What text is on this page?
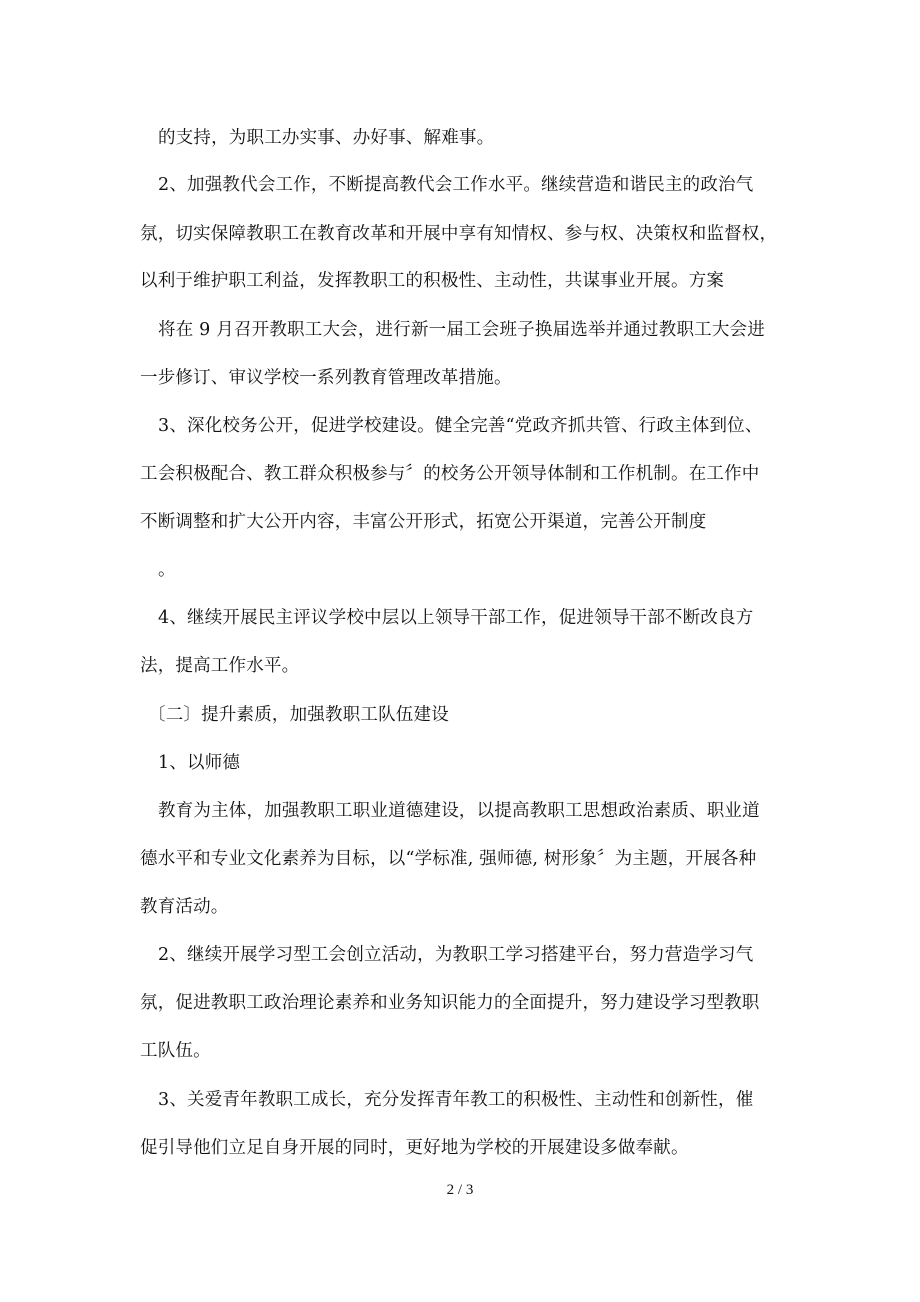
的支持，为职工办实事、办好事、解难事。
2、加强教代会工作，不断提高教代会工作水平。继续营造和谐民主的政治气
氛，切实保障教职工在教育改革和开展中享有知情权、参与权、决策权和监督权，
以利于维护职工利益，发挥教职工的积极性、主动性，共谋事业开展。方案
将在 9 月召开教职工大会，进行新一届工会班子换届选举并通过教职工大会进
一步修订、审议学校一系列教育管理改革措施。
3、深化校务公开，促进学校建设。健全完善“党政齐抓共管、行政主体到位、
工会积极配合、教工群众积极参与〞的校务公开领导体制和工作机制。在工作中
不断调整和扩大公开内容，丰富公开形式，拓宽公开渠道，完善公开制度
。
4、继续开展民主评议学校中层以上领导干部工作，促进领导干部不断改良方
法，提高工作水平。
〔二〕提升素质，加强教职工队伍建设
1、以师德
教育为主体，加强教职工职业道德建设，以提高教职工思想政治素质、职业道
德水平和专业文化素养为目标，以“学标准, 强师德, 树形象〞为主题，开展各种
教育活动。
2、继续开展学习型工会创立活动，为教职工学习搭建平台，努力营造学习气
氛，促进教职工政治理论素养和业务知识能力的全面提升，努力建设学习型教职
工队伍。
3、关爱青年教职工成长，充分发挥青年教工的积极性、主动性和创新性，催
促引导他们立足自身开展的同时，更好地为学校的开展建设多做奉献。
2 / 3
